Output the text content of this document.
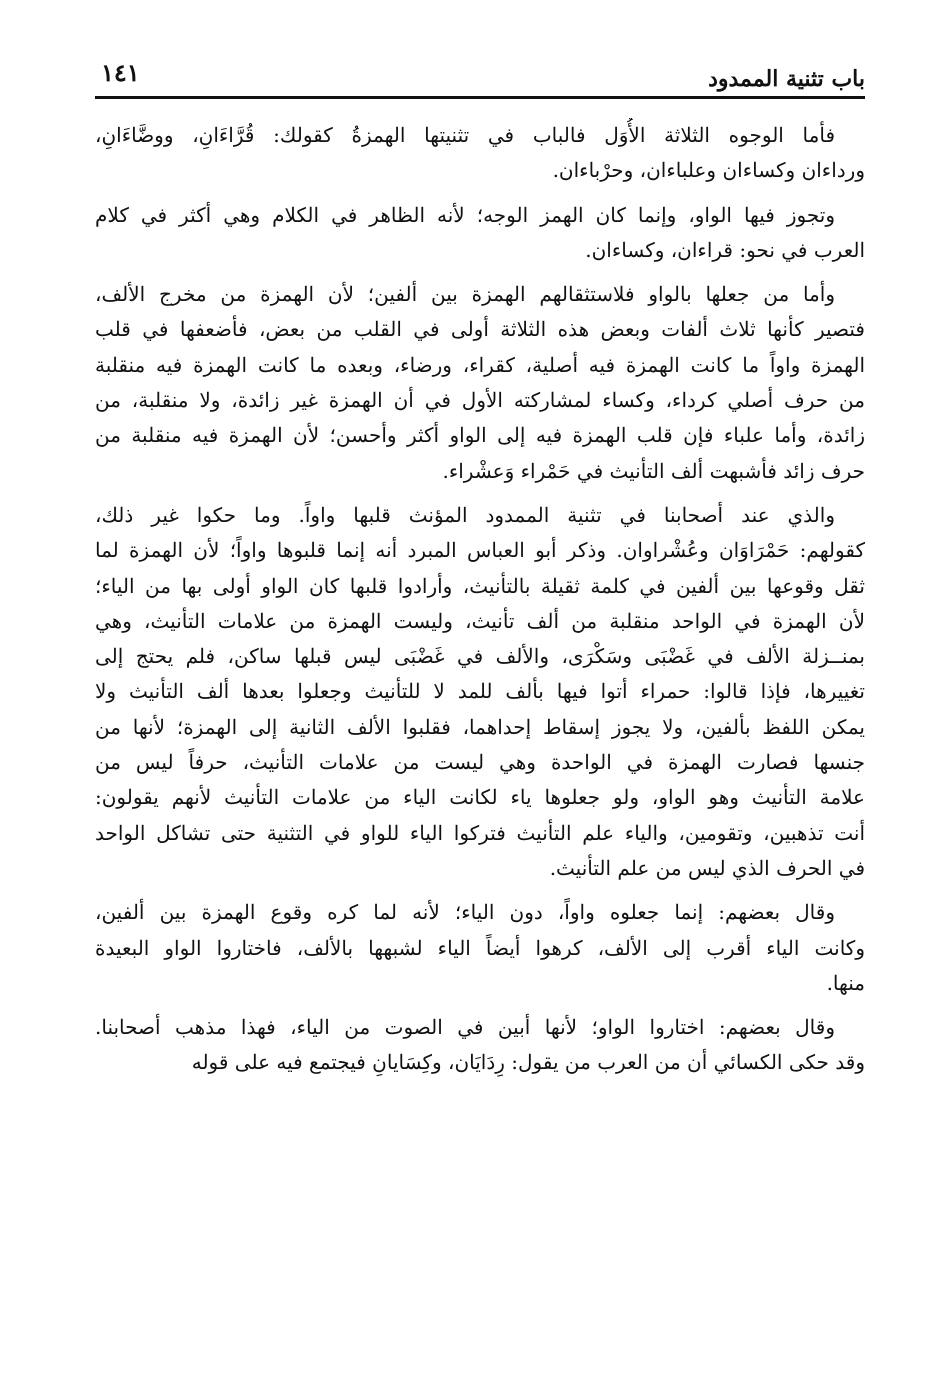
باب تثنية الممدود
١٤١
فأما الوجوه الثلاثة الأُوَل فالباب في تثنيتها الهمزةُ كقولك: قُرَّاءَانِ، ووضَّاءَانِ،
ورداءان وكساءان وعلباءان، وحرْباءان.
وتجوز فيها الواو، وإنما كان الهمز الوجه؛ لأنه الظاهر في الكلام وهي أكثر في كلام
العرب في نحو: قراءان، وكساءان.
وأما من جعلها بالواو فلاستثقالهم الهمزة بين ألفين؛ لأن الهمزة من مخرج الألف،
فتصير كأنها ثلاث ألفات وبعض هذه الثلاثة أولى في القلب من بعض، فأضعفها في قلب
الهمزة واواً ما كانت الهمزة فيه أصلية، كقراء، ورضاء، وبعده ما كانت الهمزة فيه منقلبة
من حرف أصلي كرداء، وكساء لمشاركته الأول في أن الهمزة غير زائدة، ولا منقلبة، من
زائدة، وأما علباء فإن قلب الهمزة فيه إلى الواو أكثر وأحسن؛ لأن الهمزة فيه منقلبة من
حرف زائد فأشبهت ألف التأنيث في حَمْراء وَعشْراء.
والذي عند أصحابنا في تثنية الممدود المؤنث قلبها واواً. وما حكوا غير ذلك،
كقولهم: حَمْرَاوَان وعُشْراوان. وذكر أبو العباس المبرد أنه إنما قلبوها واواً؛ لأن الهمزة لما
ثقل وقوعها بين ألفين في كلمة ثقيلة بالتأنيث، وأرادوا قلبها كان الواو أولى بها من الياء؛
لأن الهمزة في الواحد منقلبة من ألف تأنيث، وليست الهمزة من علامات التأنيث، وهي
بمنــزلة الألف في غَضْبَى وسَكْرَى، والألف في غَضْبَى ليس قبلها ساكن، فلم يحتج إلى
تغييرها، فإذا قالوا: حمراء أتوا فيها بألف للمد لا للتأنيث وجعلوا بعدها ألف التأنيث ولا
يمكن اللفظ بألفين، ولا يجوز إسقاط إحداهما، فقلبوا الألف الثانية إلى الهمزة؛ لأنها من
جنسها فصارت الهمزة في الواحدة وهي ليست من علامات التأنيث، حرفاً ليس من
علامة التأنيث وهو الواو، ولو جعلوها ياء لكانت الياء من علامات التأنيث لأنهم يقولون:
أنت تذهبين، وتقومين، والياء علم التأنيث فتركوا الياء للواو في التثنية حتى تشاكل الواحد
في الحرف الذي ليس من علم التأنيث.
وقال بعضهم: إنما جعلوه واواً، دون الياء؛ لأنه لما كره وقوع الهمزة بين ألفين،
وكانت الياء أقرب إلى الألف، كرهوا أيضاً الياء لشبهها بالألف، فاختاروا الواو البعيدة
منها.
وقال بعضهم: اختاروا الواو؛ لأنها أبين في الصوت من الياء، فهذا مذهب أصحابنا.
وقد حكى الكسائي أن من العرب من يقول: رِدَايَان، وكِسَايانِ فيجتمع فيه على قوله
